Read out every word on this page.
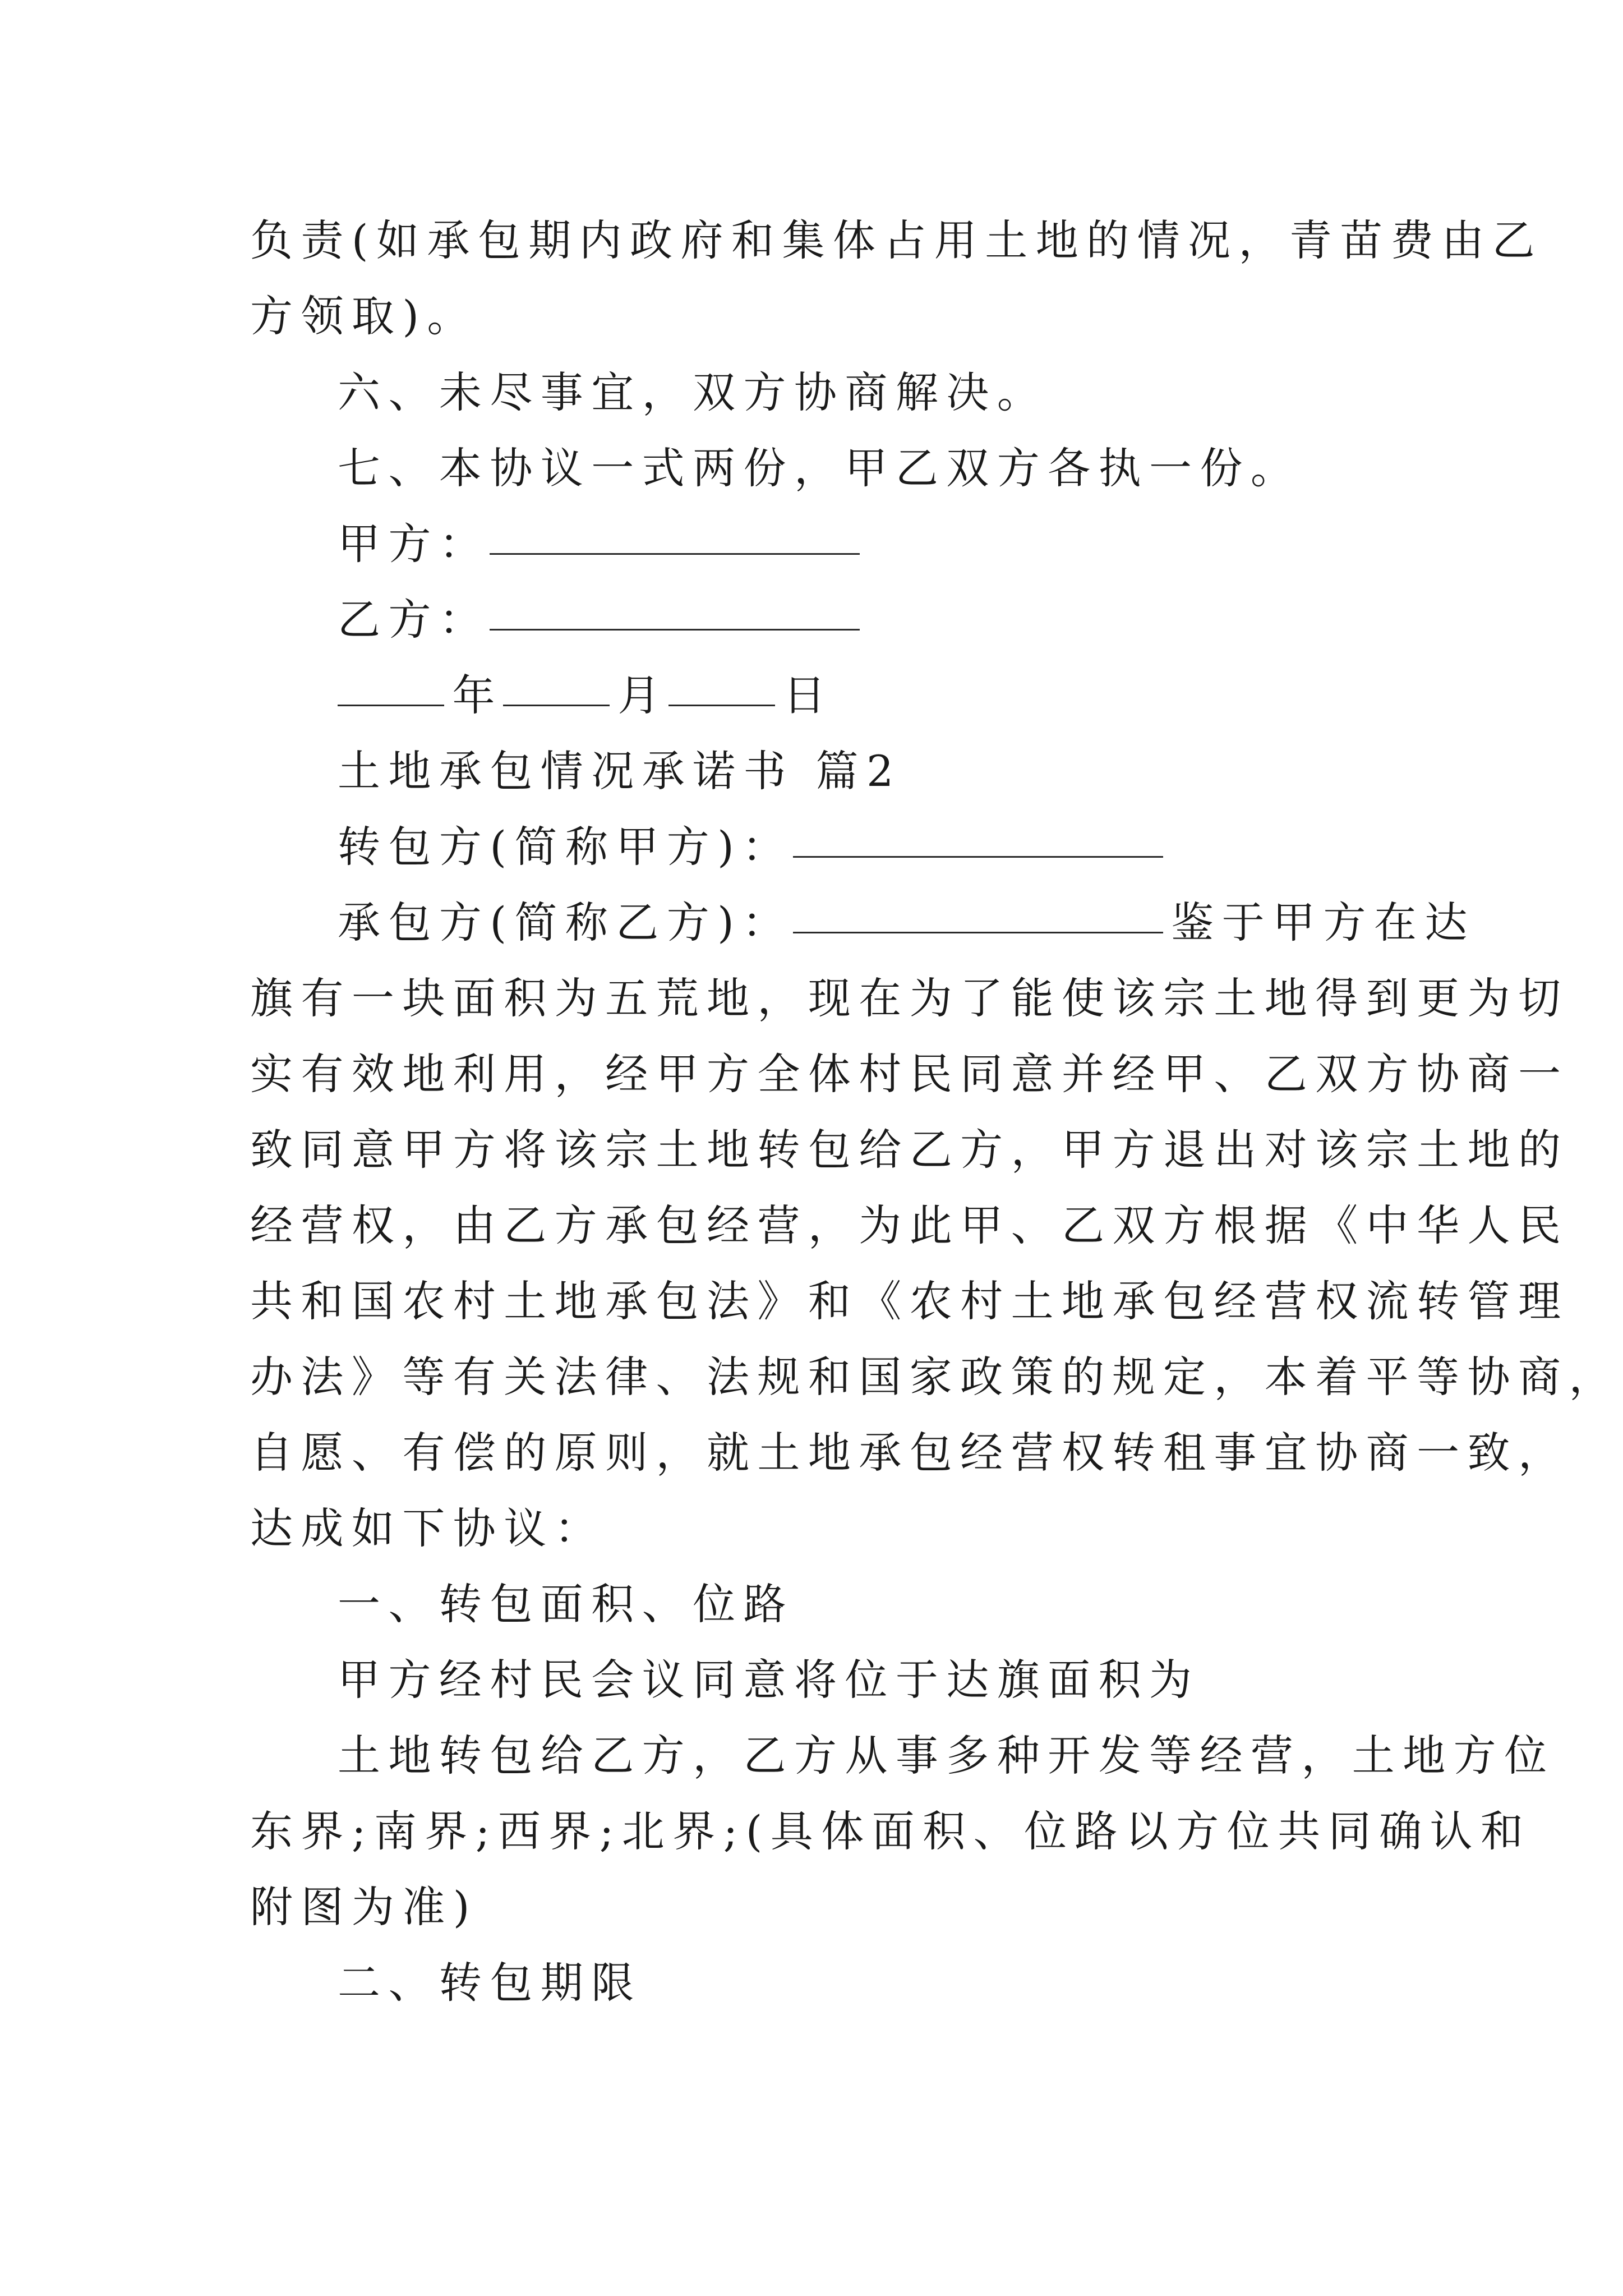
负责(如承包期内政府和集体占用土地的情况，青苗费由乙
方领取)。
六、未尽事宜，双方协商解决。
七、本协议一式两份，甲乙双方各执一份。
甲方：
乙方：
年	月	日
土地承包情况承诺书 篇2
转包方(简称甲方)：
承包方(简称乙方)：	鉴于甲方在达
旗有一块面积为五荒地，现在为了能使该宗土地得到更为切
实有效地利用，经甲方全体村民同意并经甲、乙双方协商一
致同意甲方将该宗土地转包给乙方，甲方退出对该宗土地的
经营权，由乙方承包经营，为此甲、乙双方根据《中华人民
共和国农村土地承包法》和《农村土地承包经营权流转管理
办法》等有关法律、法规和国家政策的规定，本着平等协商，
自愿、有偿的原则，就土地承包经营权转租事宜协商一致，
达成如下协议：
一、转包面积、位路
甲方经村民会议同意将位于达旗面积为
土地转包给乙方，乙方从事多种开发等经营，土地方位
东界;南界;西界;北界;(具体面积、位路以方位共同确认和
附图为准)
二、转包期限
